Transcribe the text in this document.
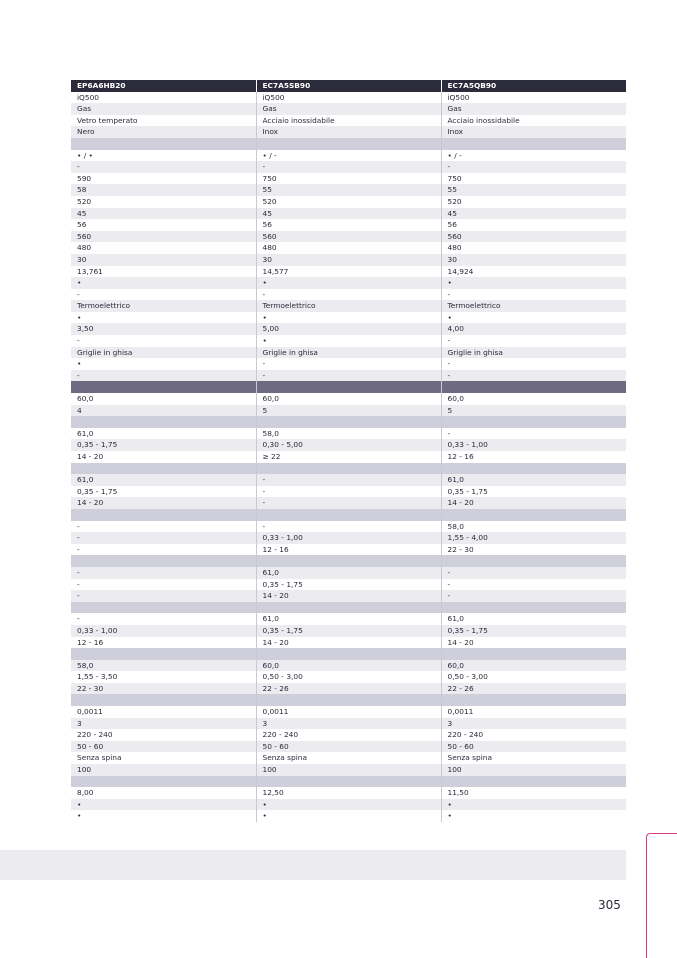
EP6A6HB20	EC7A5SB90	EC7A5QB90
iQ500	iQ500	iQ500
Gas	Gas	Gas
Vetro temperato	Acciaio inossidabile	Acciaio inossidabile
Nero	Inox	Inox

• / •	• / -	• / -
-	-	-
590	750	750
58	55	55
520	520	520
45	45	45
56	56	56
560	560	560
480	480	480
30	30	30
13,761	14,577	14,924
•	•	•
-	-	-
Termoelettrico	Termoelettrico	Termoelettrico
•	•	•
3,50	5,00	4,00
-	•	-
Griglie in ghisa	Griglie in ghisa	Griglie in ghisa
•	-	-
-	-	-

60,0	60,0	60,0
4	5	5

61,0	58,0	-
0,35 - 1,75	0,30 - 5,00	0,33 - 1,00
14 - 20	≥ 22	12 - 16

61,0	-	61,0
0,35 - 1,75	-	0,35 - 1,75
14 - 20	-	14 - 20

-	-	58,0
-	0,33 - 1,00	1,55 - 4,00
-	12 - 16	22 - 30

-	61,0	-
-	0,35 - 1,75	-
-	14 - 20	-

-	61,0	61,0
0,33 - 1,00	0,35 - 1,75	0,35 - 1,75
12 - 16	14 - 20	14 - 20

58,0	60,0	60,0
1,55 - 3,50	0,50 - 3,00	0,50 - 3,00
22 - 30	22 - 26	22 - 26

0,0011	0,0011	0,0011
3	3	3
220 - 240	220 - 240	220 - 240
50 - 60	50 - 60	50 - 60
Senza spina	Senza spina	Senza spina
100	100	100

8,00	12,50	11,50
•	•	•
•	•	•
305
